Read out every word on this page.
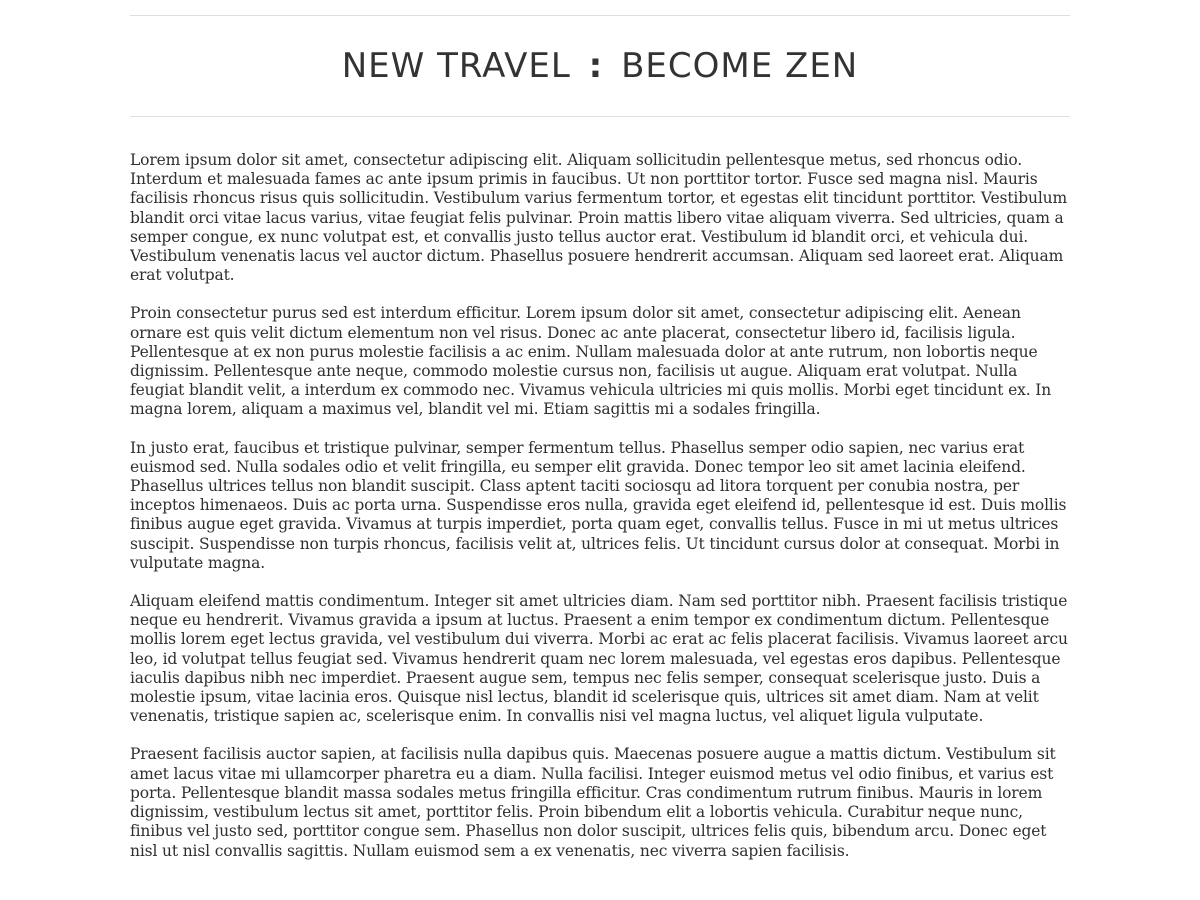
NEW TRAVEL : BECOME ZEN

Lorem ipsum dolor sit amet, consectetur adipiscing elit. Aliquam sollicitudin pellentesque metus, sed rhoncus odio. Interdum et malesuada fames ac ante ipsum primis in faucibus. Ut non porttitor tortor. Fusce sed magna nisl. Mauris facilisis rhoncus risus quis sollicitudin. Vestibulum varius fermentum tortor, et egestas elit tincidunt porttitor. Vestibulum blandit orci vitae lacus varius, vitae feugiat felis pulvinar. Proin mattis libero vitae aliquam viverra. Sed ultricies, quam a semper congue, ex nunc volutpat est, et convallis justo tellus auctor erat. Vestibulum id blandit orci, et vehicula dui. Vestibulum venenatis lacus vel auctor dictum. Phasellus posuere hendrerit accumsan. Aliquam sed laoreet erat. Aliquam erat volutpat.

Proin consectetur purus sed est interdum efficitur. Lorem ipsum dolor sit amet, consectetur adipiscing elit. Aenean ornare est quis velit dictum elementum non vel risus. Donec ac ante placerat, consectetur libero id, facilisis ligula. Pellentesque at ex non purus molestie facilisis a ac enim. Nullam malesuada dolor at ante rutrum, non lobortis neque dignissim. Pellentesque ante neque, commodo molestie cursus non, facilisis ut augue. Aliquam erat volutpat. Nulla feugiat blandit velit, a interdum ex commodo nec. Vivamus vehicula ultricies mi quis mollis. Morbi eget tincidunt ex. In magna lorem, aliquam a maximus vel, blandit vel mi. Etiam sagittis mi a sodales fringilla.

In justo erat, faucibus et tristique pulvinar, semper fermentum tellus. Phasellus semper odio sapien, nec varius erat euismod sed. Nulla sodales odio et velit fringilla, eu semper elit gravida. Donec tempor leo sit amet lacinia eleifend. Phasellus ultrices tellus non blandit suscipit. Class aptent taciti sociosqu ad litora torquent per conubia nostra, per inceptos himenaeos. Duis ac porta urna. Suspendisse eros nulla, gravida eget eleifend id, pellentesque id est. Duis mollis finibus augue eget gravida. Vivamus at turpis imperdiet, porta quam eget, convallis tellus. Fusce in mi ut metus ultrices suscipit. Suspendisse non turpis rhoncus, facilisis velit at, ultrices felis. Ut tincidunt cursus dolor at consequat. Morbi in vulputate magna.

Aliquam eleifend mattis condimentum. Integer sit amet ultricies diam. Nam sed porttitor nibh. Praesent facilisis tristique neque eu hendrerit. Vivamus gravida a ipsum at luctus. Praesent a enim tempor ex condimentum dictum. Pellentesque mollis lorem eget lectus gravida, vel vestibulum dui viverra. Morbi ac erat ac felis placerat facilisis. Vivamus laoreet arcu leo, id volutpat tellus feugiat sed. Vivamus hendrerit quam nec lorem malesuada, vel egestas eros dapibus. Pellentesque iaculis dapibus nibh nec imperdiet. Praesent augue sem, tempus nec felis semper, consequat scelerisque justo. Duis a molestie ipsum, vitae lacinia eros. Quisque nisl lectus, blandit id scelerisque quis, ultrices sit amet diam. Nam at velit venenatis, tristique sapien ac, scelerisque enim. In convallis nisi vel magna luctus, vel aliquet ligula vulputate.

Praesent facilisis auctor sapien, at facilisis nulla dapibus quis. Maecenas posuere augue a mattis dictum. Vestibulum sit amet lacus vitae mi ullamcorper pharetra eu a diam. Nulla facilisi. Integer euismod metus vel odio finibus, et varius est porta. Pellentesque blandit massa sodales metus fringilla efficitur. Cras condimentum rutrum finibus. Mauris in lorem dignissim, vestibulum lectus sit amet, porttitor felis. Proin bibendum elit a lobortis vehicula. Curabitur neque nunc, finibus vel justo sed, porttitor congue sem. Phasellus non dolor suscipit, ultrices felis quis, bibendum arcu. Donec eget nisl ut nisl convallis sagittis. Nullam euismod sem a ex venenatis, nec viverra sapien facilisis.
